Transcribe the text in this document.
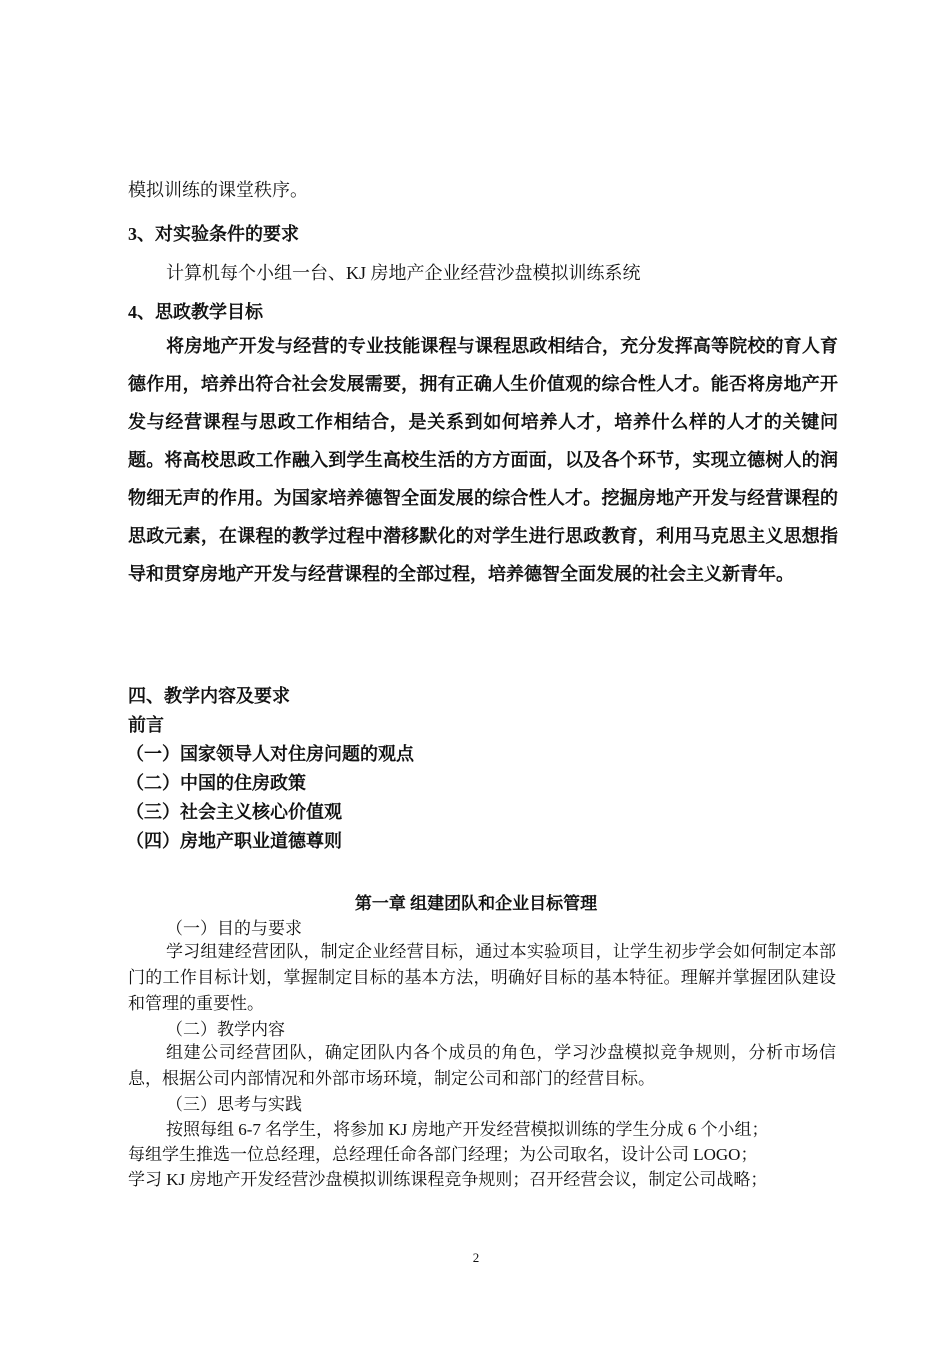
模拟训练的课堂秩序。
3、对实验条件的要求
计算机每个小组一台、KJ 房地产企业经营沙盘模拟训练系统
4、思政教学目标
将房地产开发与经营的专业技能课程与课程思政相结合，充分发挥高等院校的育人育德作用，培养出符合社会发展需要，拥有正确人生价值观的综合性人才。能否将房地产开发与经营课程与思政工作相结合，是关系到如何培养人才，培养什么样的人才的关键问题。将高校思政工作融入到学生高校生活的方方面面，以及各个环节，实现立德树人的润物细无声的作用。为国家培养德智全面发展的综合性人才。挖掘房地产开发与经营课程的思政元素，在课程的教学过程中潜移默化的对学生进行思政教育，利用马克思主义思想指导和贯穿房地产开发与经营课程的全部过程，培养德智全面发展的社会主义新青年。
四、教学内容及要求
前言
（一）国家领导人对住房问题的观点
（二）中国的住房政策
（三）社会主义核心价值观
（四）房地产职业道德尊则
第一章 组建团队和企业目标管理
（一）目的与要求
学习组建经营团队，制定企业经营目标，通过本实验项目，让学生初步学会如何制定本部门的工作目标计划，掌握制定目标的基本方法，明确好目标的基本特征。理解并掌握团队建设和管理的重要性。
（二）教学内容
组建公司经营团队，确定团队内各个成员的角色，学习沙盘模拟竞争规则，分析市场信息，根据公司内部情况和外部市场环境，制定公司和部门的经营目标。
（三）思考与实践
按照每组 6-7 名学生，将参加 KJ 房地产开发经营模拟训练的学生分成 6 个小组；
每组学生推选一位总经理，总经理任命各部门经理；为公司取名，设计公司 LOGO；
学习 KJ 房地产开发经营沙盘模拟训练课程竞争规则；召开经营会议，制定公司战略；
2
